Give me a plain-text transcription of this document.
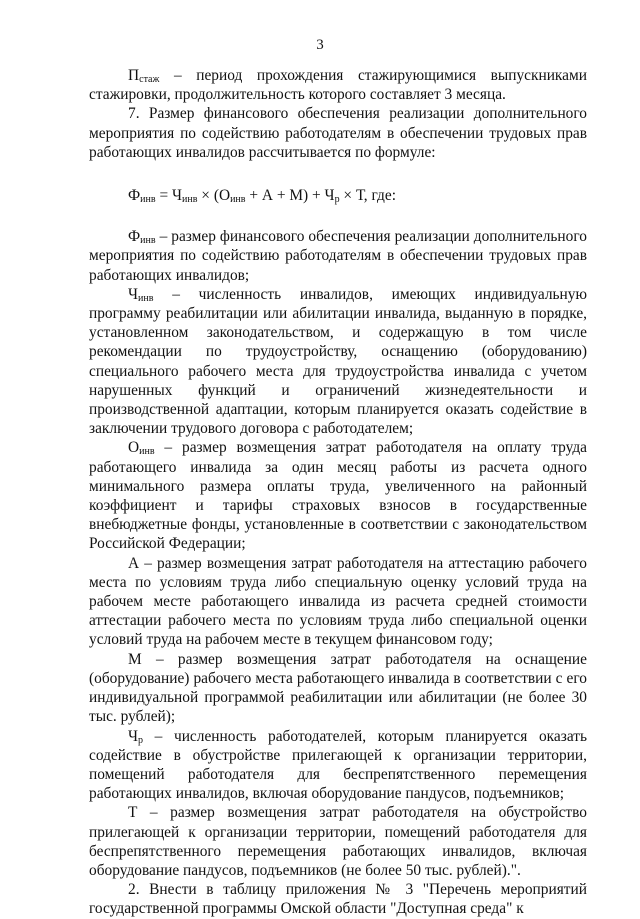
3

$П_{стаж}$ – период прохождения стажирующимися выпускниками стажировки, продолжительность которого составляет 3 месяца.

7. Размер финансового обеспечения реализации дополнительного мероприятия по содействию работодателям в обеспечении трудовых прав работающих инвалидов рассчитывается по формуле:

$Ф_{инв} = Ч_{инв} \times (О_{инв} + А + М) + Ч_р \times Т$, где:

$Ф_{инв}$ – размер финансового обеспечения реализации дополнительного мероприятия по содействию работодателям в обеспечении трудовых прав работающих инвалидов;

$Ч_{инв}$ – численность инвалидов, имеющих индивидуальную программу реабилитации или абилитации инвалида, выданную в порядке, установленном законодательством, и содержащую в том числе рекомендации по трудоустройству, оснащению (оборудованию) специального рабочего места для трудоустройства инвалида с учетом нарушенных функций и ограничений жизнедеятельности и производственной адаптации, которым планируется оказать содействие в заключении трудового договора с работодателем;

$О_{инв}$ – размер возмещения затрат работодателя на оплату труда работающего инвалида за один месяц работы из расчета одного минимального размера оплаты труда, увеличенного на районный коэффициент и тарифы страховых взносов в государственные внебюджетные фонды, установленные в соответствии с законодательством Российской Федерации;

А – размер возмещения затрат работодателя на аттестацию рабочего места по условиям труда либо специальную оценку условий труда на рабочем месте работающего инвалида из расчета средней стоимости аттестации рабочего места по условиям труда либо специальной оценки условий труда на рабочем месте в текущем финансовом году;

М – размер возмещения затрат работодателя на оснащение (оборудование) рабочего места работающего инвалида в соответствии с его индивидуальной программой реабилитации или абилитации (не более 30 тыс. рублей);

$Ч_р$ – численность работодателей, которым планируется оказать содействие в обустройстве прилегающей к организации территории, помещений работодателя для беспрепятственного перемещения работающих инвалидов, включая оборудование пандусов, подъемников;

Т – размер возмещения затрат работодателя на обустройство прилегающей к организации территории, помещений работодателя для беспрепятственного перемещения работающих инвалидов, включая оборудование пандусов, подъемников (не более 50 тыс. рублей).".

2. Внести в таблицу приложения № 3 "Перечень мероприятий государственной программы Омской области "Доступная среда" к
